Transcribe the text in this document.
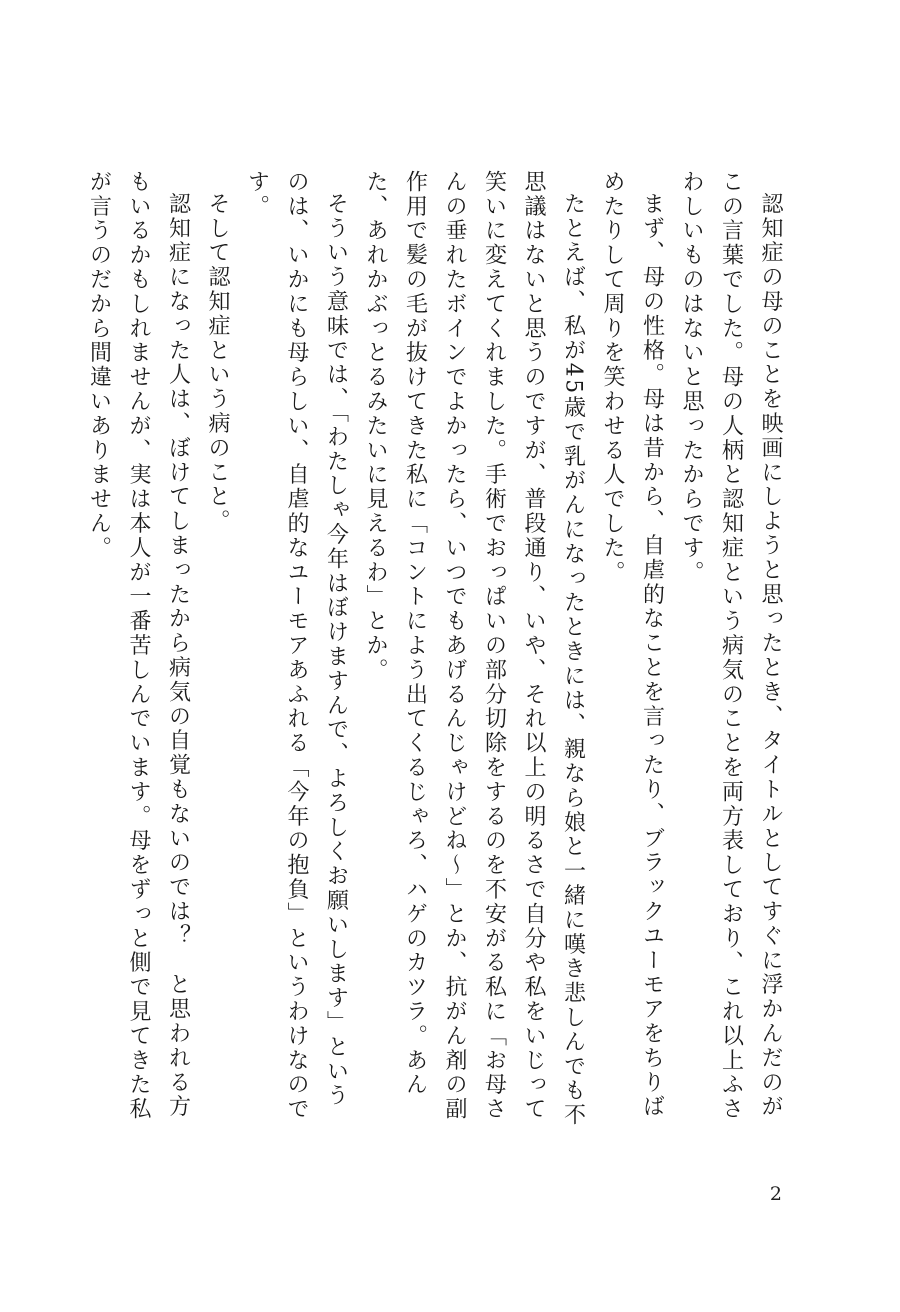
認知症の母のことを映画にしようと思ったとき、タイトルとしてすぐに浮かんだのがこの言葉でした。母の人柄と認知症という病気のことを両方表しており、これ以上ふさわしいものはないと思ったからです。

まず、母の性格。母は昔から、自虐的なことを言ったり、ブラックユーモアをちりばめたりして周りを笑わせる人でした。

たとえば、私が45歳で乳がんになったときには、親なら娘と一緒に嘆き悲しんでも不思議はないと思うのですが、普段通り、いや、それ以上の明るさで自分や私をいじって笑いに変えてくれました。手術でおっぱいの部分切除をするのを不安がる私に「お母さんの垂れたボインでよかったら、いつでもあげるんじゃけどね〜」とか、抗がん剤の副作用で髪の毛が抜けてきた私に「コントによう出てくるじゃろ、ハゲのカツラ。あんた、あれかぶっとるみたいに見えるわ」とか。

そういう意味では、「わたしゃ今年はぼけますんで、よろしくお願いします」というのは、いかにも母らしい、自虐的なユーモアあふれる「今年の抱負」というわけなのです。

そして認知症という病のこと。

認知症になった人は、ぼけてしまったから病気の自覚もないのでは？　と思われる方もいるかもしれませんが、実は本人が一番苦しんでいます。母をずっと側で見てきた私が言うのだから間違いありません。

2
